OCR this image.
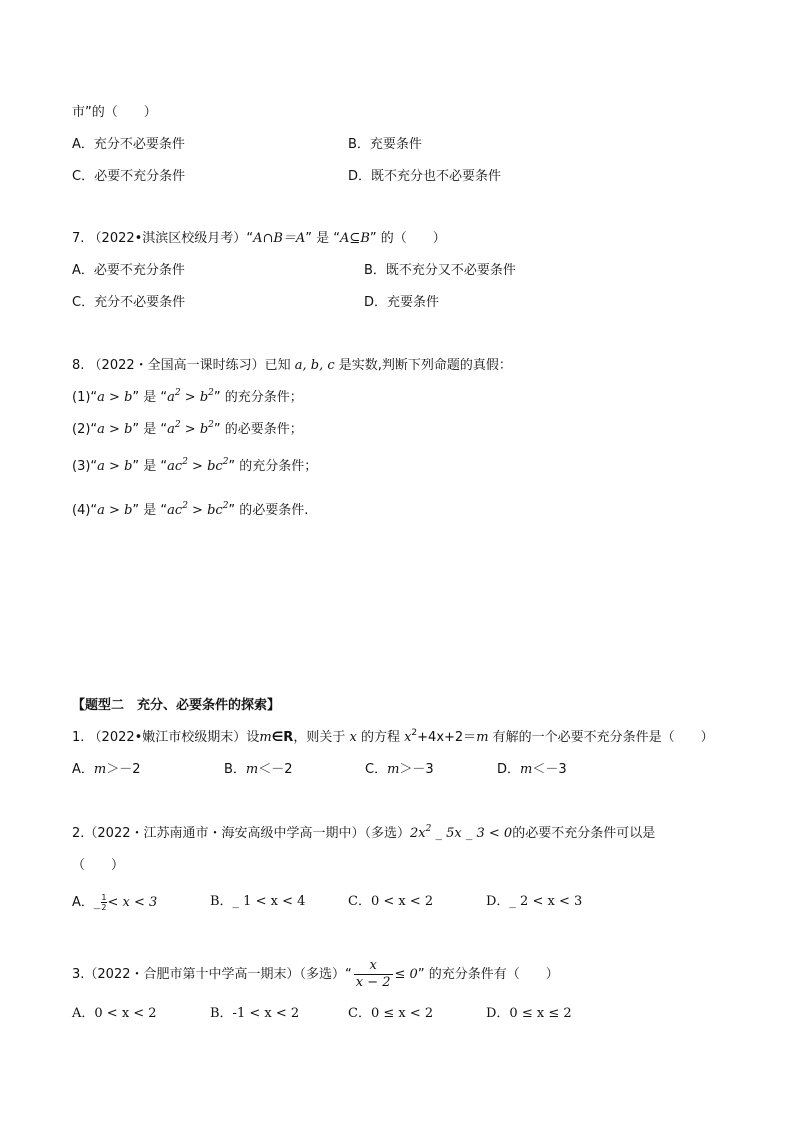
市”的（　　）
A．充分不必要条件	B．充要条件
C．必要不充分条件	D．既不充分也不必要条件
7. （2022•淇滨区校级月考）“A∩B＝A” 是 “A⊆B” 的（　　）
A．必要不充分条件	B．既不充分又不必要条件
C．充分不必要条件	D．充要条件
8. （2022・全国高一课时练习）已知 a, b, c 是实数,判断下列命题的真假：
(1)“a > b” 是 “$a^2 > b^2$” 的充分条件；
(2)“a > b” 是 “$a^2 > b^2$” 的必要条件；
(3)“a > b” 是 “$ac^2 > bc^2$” 的充分条件；
(4)“a > b” 是 “$ac^2 > bc^2$” 的必要条件.
【题型二　充分、必要条件的探索】
1. （2022•嫩江市校级期末）设m∈R，则关于 x 的方程 $x^2+4x+2=m$ 有解的一个必要不充分条件是（　　）
A．m＞－2	B．m＜－2	C．m＞－3	D．m＜－3
2.（2022・江苏南通市・海安高级中学高一期中）（多选）$2x^2$ _ 5x _ 3 < 0的必要不充分条件可以是
（　　）
A．_ $\frac{1}{2} < x < 3$	B．_ 1 < x < 4	C．0 < x < 2	D．_ 2 < x < 3
3.（2022・合肥市第十中学高一期末）（多选）“ $\frac{x}{x - 2} \le 0$” 的充分条件有（　　）
A．0 < x < 2	B．-1 < x < 2	C．0 ≤ x < 2	D．0 ≤ x ≤ 2
